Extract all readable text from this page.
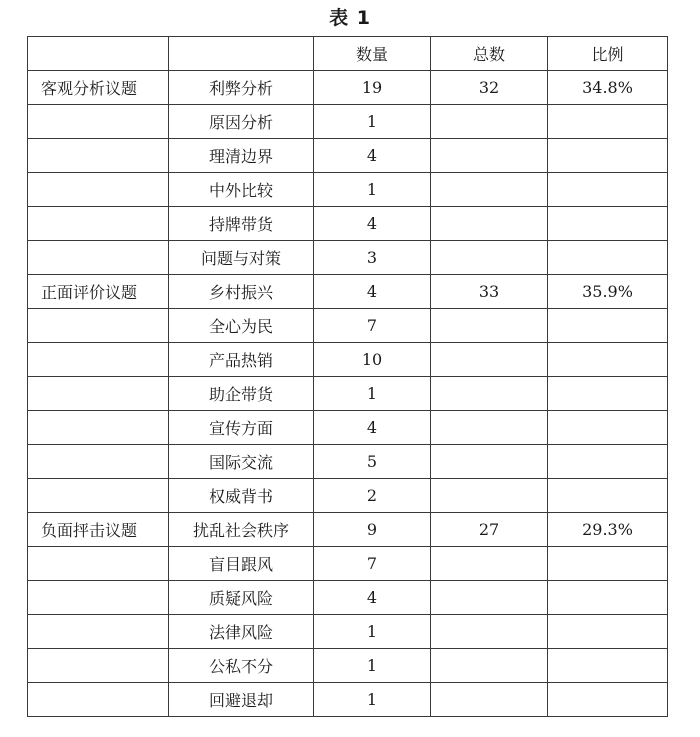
表 1
		数量	总数	比例
客观分析议题	利弊分析	19	32	34.8%
	原因分析	1		
	理清边界	4		
	中外比较	1		
	持牌带货	4		
	问题与对策	3		
正面评价议题	乡村振兴	4	33	35.9%
	全心为民	7		
	产品热销	10		
	助企带货	1		
	宣传方面	4		
	国际交流	5		
	权威背书	2		
负面抨击议题	扰乱社会秩序	9	27	29.3%
	盲目跟风	7		
	质疑风险	4		
	法律风险	1		
	公私不分	1		
	回避退却	1		
